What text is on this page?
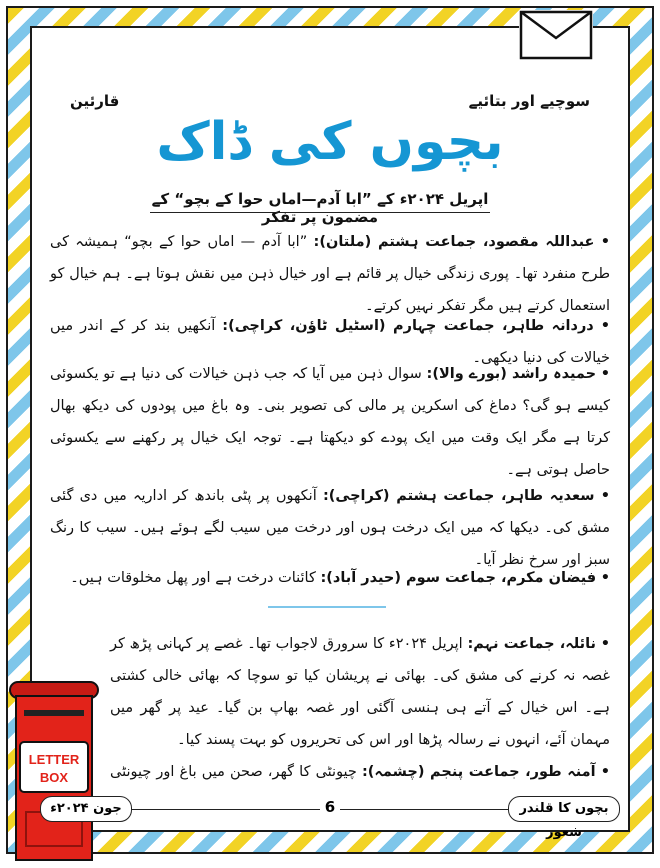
سوچیے اور بتائیے
قارئین
بچوں کی ڈاک
اپریل ۲۰۲۴ء کے ”ابا آدم—اماں حوا کے بچو“ کے مضمون پر تفکر
• عبداللہ مقصود، جماعت ہشتم (ملتان): ”ابا آدم — اماں حوا کے بچو“ ہمیشہ کی طرح منفرد تھا۔ پوری زندگی خیال پر قائم ہے اور خیال ذہن میں نقش ہوتا ہے۔ ہم خیال کو استعمال کرتے ہیں مگر تفکر نہیں کرتے۔
• دردانہ طاہر، جماعت چہارم (اسٹیل ٹاؤن، کراچی): آنکھیں بند کر کے اندر میں خیالات کی دنیا دیکھی۔
• حمیدہ راشد (بورے والا): سوال ذہن میں آیا کہ جب ذہن خیالات کی دنیا ہے تو یکسوئی کیسے ہو گی؟ دماغ کی اسکرین پر مالی کی تصویر بنی۔ وہ باغ میں پودوں کی دیکھ بھال کرتا ہے مگر ایک وقت میں ایک پودے کو دیکھتا ہے۔ توجہ ایک خیال پر رکھنے سے یکسوئی حاصل ہوتی ہے۔
• سعدیہ طاہر، جماعت ہشتم (کراچی): آنکھوں پر پٹی باندھ کر اداریہ میں دی گئی مشق کی۔ دیکھا کہ میں ایک درخت ہوں اور درخت میں سیب لگے ہوئے ہیں۔ سیب کا رنگ سبز اور سرخ نظر آیا۔
• فیضان مکرم، جماعت سوم (حیدر آباد): کائنات درخت ہے اور پھل مخلوقات ہیں۔
• نائلہ، جماعت نہم: اپریل ۲۰۲۴ء کا سرورق لاجواب تھا۔ غصے پر کہانی پڑھ کر غصہ نہ کرنے کی مشق کی۔ بھائی نے پریشان کیا تو سوچا کہ بھائی خالی کشتی ہے۔ اس خیال کے آتے ہی ہنسی آگئی اور غصہ بھاپ بن گیا۔ عید پر گھر میں مہمان آئے، انہوں نے رسالہ پڑھا اور اس کی تحریروں کو بہت پسند کیا۔
• آمنہ طور، جماعت پنجم (چشمہ): چیونٹی کا گھر، صحن میں باغ اور چیونٹی
LETTER
BOX
بچوں کا قلندر شعور
6
جون ۲۰۲۴ء
